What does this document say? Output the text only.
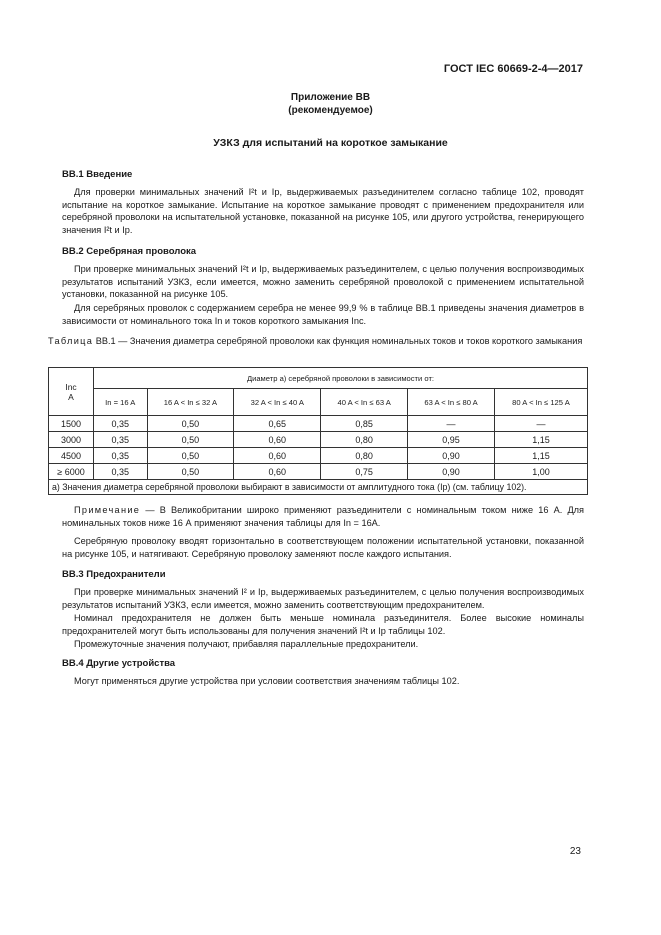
ГОСТ IEC 60669-2-4—2017
Приложение ВВ
(рекомендуемое)
УЗКЗ для испытаний на короткое замыкание
ВВ.1 Введение
Для проверки минимальных значений I²t и Ip, выдерживаемых разъединителем согласно таблице 102, проводят испытание на короткое замыкание. Испытание на короткое замыкание проводят с применением предохранителя или серебряной проволоки на испытательной установке, показанной на рисунке 105, или другого устройства, генерирующего значения I²t и Ip.
ВВ.2 Серебряная проволока
При проверке минимальных значений I²t и Ip, выдерживаемых разъединителем, с целью получения воспроизводимых результатов испытаний УЗКЗ, если имеется, можно заменить серебряной проволокой с применением испытательной установки, показанной на рисунке 105.
Для серебряных проволок с содержанием серебра не менее 99,9 % в таблице ВВ.1 приведены значения диаметров в зависимости от номинального тока In и токов короткого замыкания Inc.
Таблица ВВ.1 — Значения диаметра серебряной проволоки как функция номинальных токов и токов короткого замыкания
Inc
A	Диаметр a) серебряной проволоки в зависимости от:					
	In = 16 A	16 A < In ≤ 32 A	32 A < In ≤ 40 A	40 A < In ≤ 63 A	63 A < In ≤ 80 A	80 A < In ≤ 125 A
1500	0,35	0,50	0,65	0,85	—	—
3000	0,35	0,50	0,60	0,80	0,95	1,15
4500	0,35	0,50	0,60	0,80	0,90	1,15
≥ 6000	0,35	0,50	0,60	0,75	0,90	1,00
a) Значения диаметра серебряной проволоки выбирают в зависимости от амплитудного тока (Ip) (см. таблицу 102).						
Примечание — В Великобритании широко применяют разъединители с номинальным током ниже 16 А. Для номинальных токов ниже 16 А применяют значения таблицы для In = 16А.
Серебряную проволоку вводят горизонтально в соответствующем положении испытательной установки, показанной на рисунке 105, и натягивают. Серебряную проволоку заменяют после каждого испытания.
ВВ.3 Предохранители
При проверке минимальных значений I² и Ip, выдерживаемых разъединителем, с целью получения воспроизводимых результатов испытаний УЗКЗ, если имеется, можно заменить соответствующим предохранителем.
Номинал предохранителя не должен быть меньше номинала разъединителя. Более высокие номиналы предохранителей могут быть использованы для получения значений I²t и Ip таблицы 102.
Промежуточные значения получают, прибавляя параллельные предохранители.
ВВ.4 Другие устройства
Могут применяться другие устройства при условии соответствия значениям таблицы 102.
23
